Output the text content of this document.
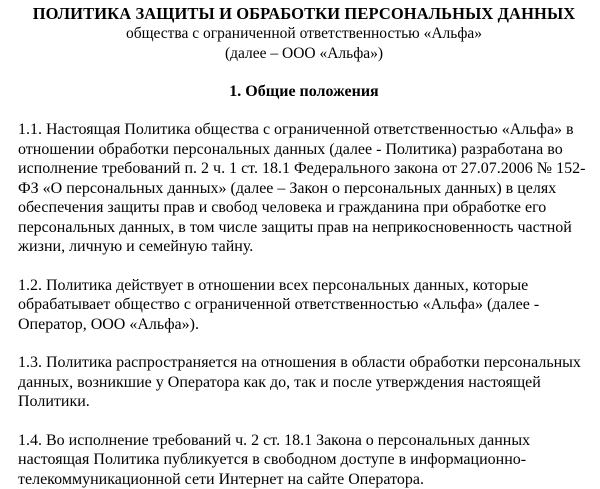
ПОЛИТИКА ЗАЩИТЫ И ОБРАБОТКИ ПЕРСОНАЛЬНЫХ ДАННЫХ
общества с ограниченной ответственностью «Альфа»
(далее – ООО «Альфа»)
1. Общие положения
1.1. Настоящая Политика общества с ограниченной ответственностью «Альфа» в
отношении обработки персональных данных (далее - Политика) разработана во
исполнение требований п. 2 ч. 1 ст. 18.1 Федерального закона от 27.07.2006 № 152-
ФЗ «О персональных данных» (далее – Закон о персональных данных) в целях
обеспечения защиты прав и свобод человека и гражданина при обработке его
персональных данных, в том числе защиты прав на неприкосновенность частной
жизни, личную и семейную тайну.
1.2. Политика действует в отношении всех персональных данных, которые
обрабатывает общество с ограниченной ответственностью «Альфа» (далее -
Оператор, ООО «Альфа»).
1.3. Политика распространяется на отношения в области обработки персональных
данных, возникшие у Оператора как до, так и после утверждения настоящей
Политики.
1.4. Во исполнение требований ч. 2 ст. 18.1 Закона о персональных данных
настоящая Политика публикуется в свободном доступе в информационно-
телекоммуникационной сети Интернет на сайте Оператора.
